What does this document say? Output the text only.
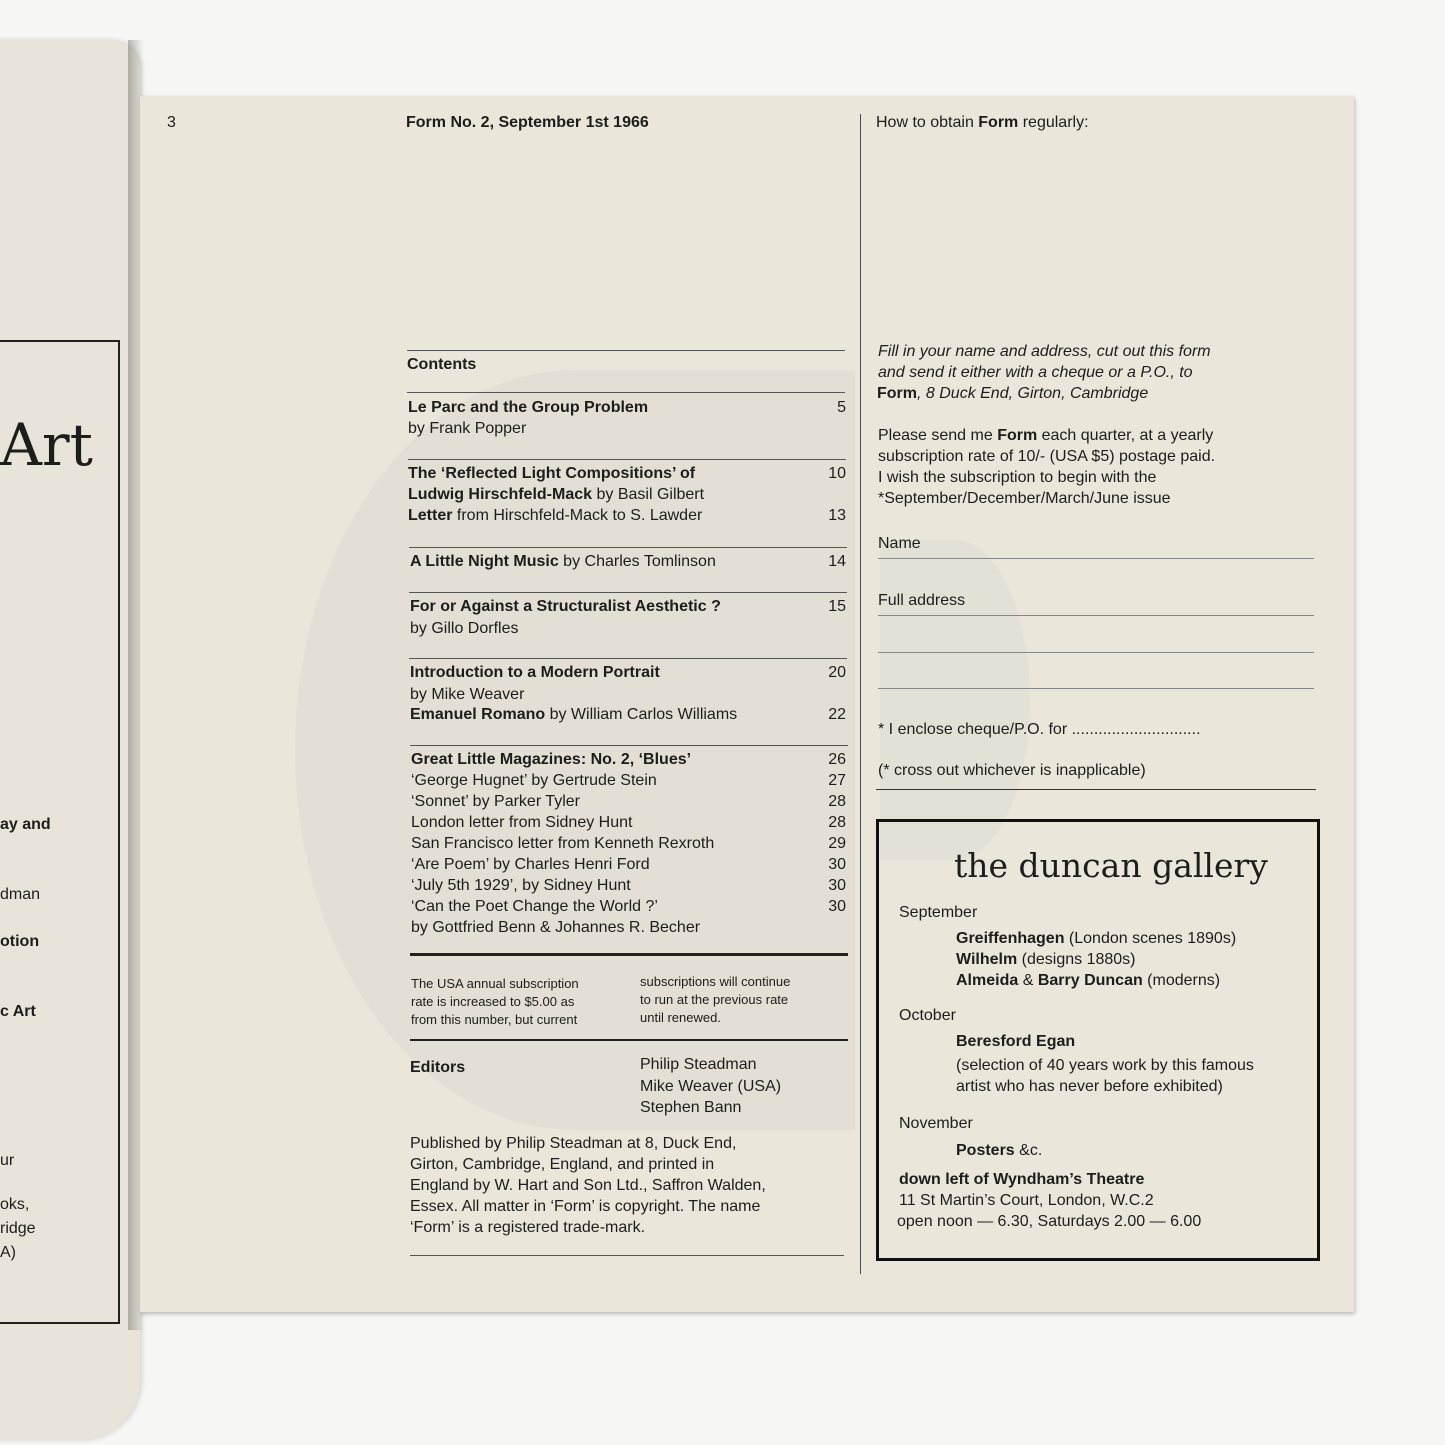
Art
ay and
dman
otion
c Art
ur
oks,
ridge
A)
3	Form No. 2, September 1st 1966	How to obtain Form regularly:
Contents
Le Parc and the Group Problem	5
by Frank Popper
The ‘Reflected Light Compositions’ of	10
Ludwig Hirschfeld-Mack by Basil Gilbert
Letter from Hirschfeld-Mack to S. Lawder	13
A Little Night Music by Charles Tomlinson	14
For or Against a Structuralist Aesthetic ?	15
by Gillo Dorfles
Introduction to a Modern Portrait	20
by Mike Weaver
Emanuel Romano by William Carlos Williams	22
Great Little Magazines: No. 2, ‘Blues’	26
‘George Hugnet’ by Gertrude Stein	27
‘Sonnet’ by Parker Tyler	28
London letter from Sidney Hunt	28
San Francisco letter from Kenneth Rexroth	29
‘Are Poem’ by Charles Henri Ford	30
‘July 5th 1929’, by Sidney Hunt	30
‘Can the Poet Change the World ?’	30
by Gottfried Benn & Johannes R. Becher
The USA annual subscription
rate is increased to $5.00 as
from this number, but current
subscriptions will continue
to run at the previous rate
until renewed.
Editors	Philip Steadman
Mike Weaver (USA)
Stephen Bann
Published by Philip Steadman at 8, Duck End,
Girton, Cambridge, England, and printed in
England by W. Hart and Son Ltd., Saffron Walden,
Essex. All matter in ‘Form’ is copyright. The name
‘Form’ is a registered trade-mark.
Fill in your name and address, cut out this form
and send it either with a cheque or a P.O., to
Form, 8 Duck End, Girton, Cambridge
Please send me Form each quarter, at a yearly
subscription rate of 10/- (USA $5) postage paid.
I wish the subscription to begin with the
*September/December/March/June issue
Name
Full address
* I enclose cheque/P.O. for .............................
(* cross out whichever is inapplicable)
the duncan gallery
September
Greiffenhagen (London scenes 1890s)
Wilhelm (designs 1880s)
Almeida & Barry Duncan (moderns)
October
Beresford Egan
(selection of 40 years work by this famous
artist who has never before exhibited)
November
Posters &c.
down left of Wyndham’s Theatre
11 St Martin’s Court, London, W.C.2
open noon — 6.30, Saturdays 2.00 — 6.00
